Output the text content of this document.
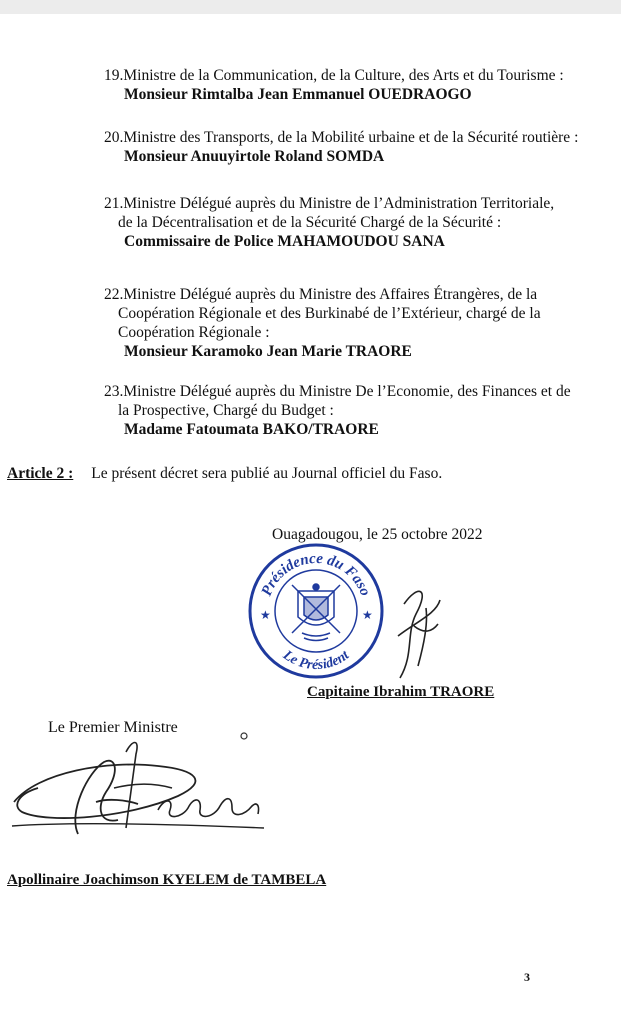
19.Ministre de la Communication, de la Culture, des Arts et du Tourisme :
Monsieur Rimtalba Jean Emmanuel OUEDRAOGO
20.Ministre des Transports, de la Mobilité urbaine et de la Sécurité routière :
Monsieur Anuuyirtole Roland SOMDA
21.Ministre Délégué auprès du Ministre de l’Administration Territoriale,
de la Décentralisation et de la Sécurité Chargé de la Sécurité :
Commissaire de Police MAHAMOUDOU SANA
22.Ministre Délégué auprès du Ministre des Affaires Étrangères, de la
Coopération Régionale et des Burkinabé de l’Extérieur, chargé de la
Coopération Régionale :
Monsieur Karamoko Jean Marie TRAORE
23.Ministre Délégué auprès du Ministre De l’Economie, des Finances et de
la Prospective, Chargé du Budget :
Madame Fatoumata BAKO/TRAORE
Article 2 : Le présent décret sera publié au Journal officiel du Faso.
Ouagadougou, le 25 octobre 2022
Présidence du Faso
Le Président
★	★
Capitaine Ibrahim TRAORE
Le Premier Ministre
Apollinaire Joachimson KYELEM de TAMBELA
3
